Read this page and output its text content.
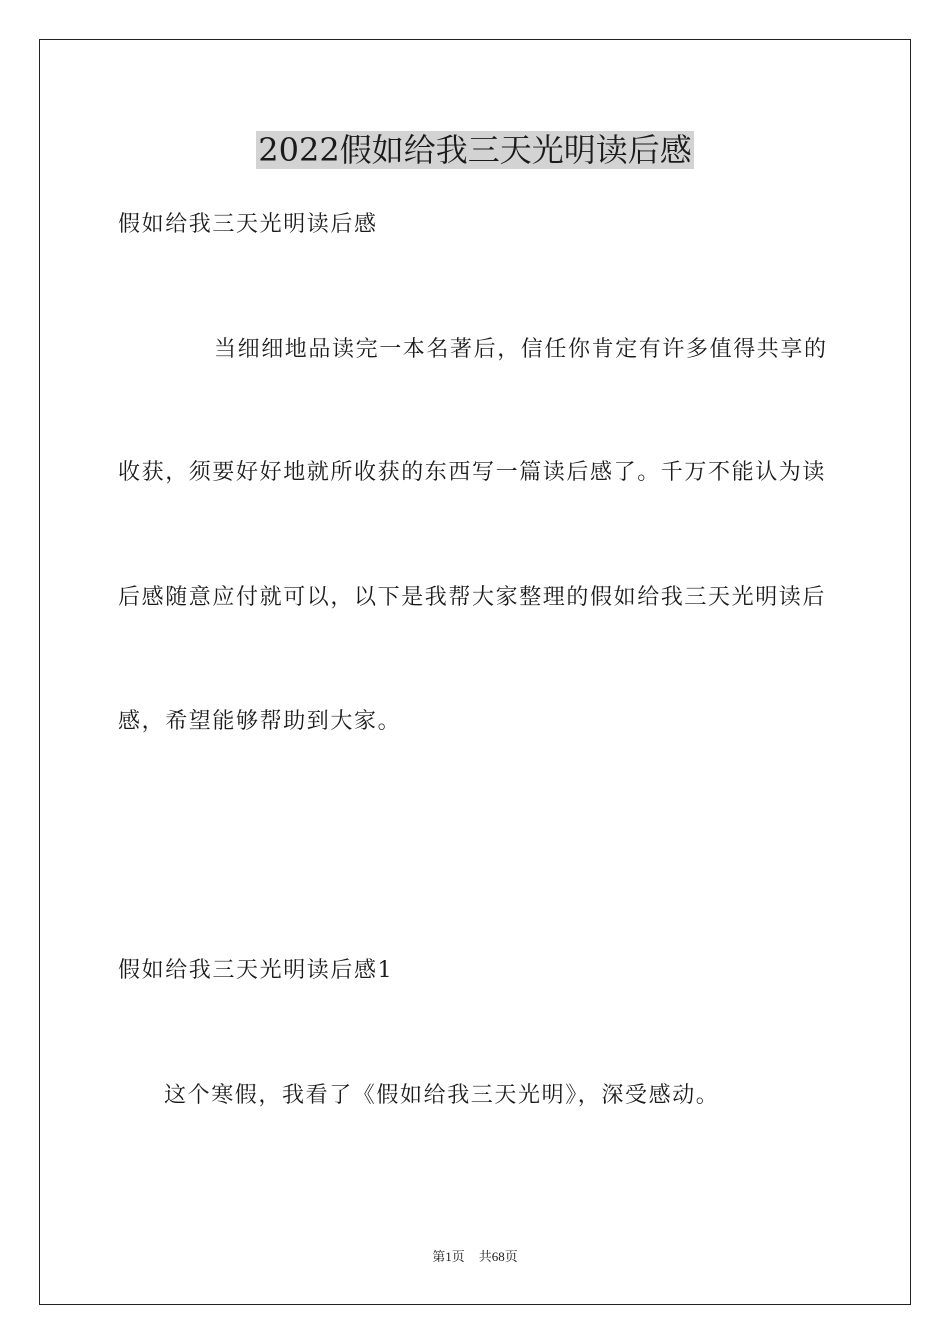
2022假如给我三天光明读后感
假如给我三天光明读后感
当细细地品读完一本名著后，信任你肯定有许多值得共享的
收获，须要好好地就所收获的东西写一篇读后感了。千万不能认为读
后感随意应付就可以，以下是我帮大家整理的假如给我三天光明读后
感，希望能够帮助到大家。
假如给我三天光明读后感1
这个寒假，我看了《假如给我三天光明》，深受感动。
第1页 共68页
